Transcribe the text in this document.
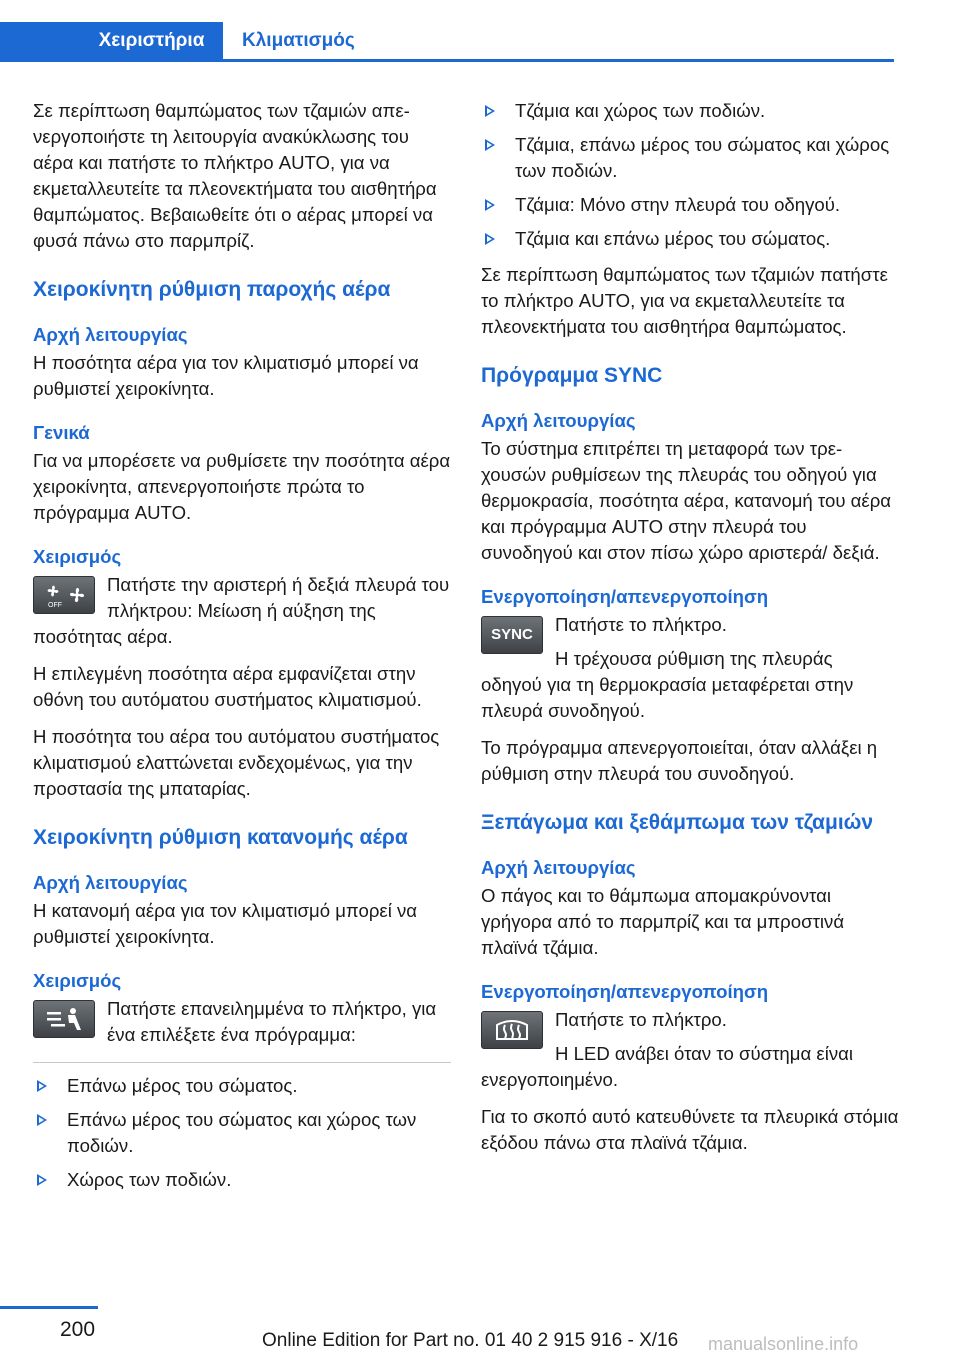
Χειριστήρια Κλιματισμός

Σε περίπτωση θαμπώματος των τζαμιών απενεργοποιήστε τη λειτουργία ανακύκλωσης του αέρα και πατήστε το πλήκτρο AUTO, για να εκμεταλλευτείτε τα πλεονεκτήματα του αισθητήρα θαμπώματος. Βεβαιωθείτε ότι ο αέρας μπορεί να φυσά πάνω στο παρμπρίζ.

Χειροκίνητη ρύθμιση παροχής αέρα
Αρχή λειτουργίας

Η ποσότητα αέρα για τον κλιματισμό μπορεί να ρυθμιστεί χειροκίνητα.

Γενικά

Για να μπορέσετε να ρυθμίσετε την ποσότητα αέρα χειροκίνητα, απενεργοποιήστε πρώτα το πρόγραμμα AUTO.

Χειρισμός
OFF
Πατήστε την αριστερή ή δεξιά πλευρά του πλήκτρου: Μείωση ή αύξηση της

ποσότητας αέρα.

Η επιλεγμένη ποσότητα αέρα εμφανίζεται στην οθόνη του αυτόματου συστήματος κλιματισμού.

Η ποσότητα του αέρα του αυτόματου συστήματος κλιματισμού ελαττώνεται ενδεχομένως, για την προστασία της μπαταρίας.

Χειροκίνητη ρύθμιση κατανομής αέρα
Αρχή λειτουργίας

Η κατανομή αέρα για τον κλιματισμό μπορεί να ρυθμιστεί χειροκίνητα.

Χειρισμός
Πατήστε επανειλημμένα το πλήκτρο, για ένα επιλέξετε ένα πρόγραμμα:
Επάνω μέρος του σώματος.
Επάνω μέρος του σώματος και χώρος των ποδιών.
Χώρος των ποδιών.
Τζάμια και χώρος των ποδιών.
Τζάμια, επάνω μέρος του σώματος και χώρος των ποδιών.
Τζάμια: Μόνο στην πλευρά του οδηγού.
Τζάμια και επάνω μέρος του σώματος.

Σε περίπτωση θαμπώματος των τζαμιών πατήστε το πλήκτρο AUTO, για να εκμεταλλευτείτε τα πλεονεκτήματα του αισθητήρα θαμπώματος.

Πρόγραμμα SYNC
Αρχή λειτουργίας

Το σύστημα επιτρέπει τη μεταφορά των τρεχουσών ρυθμίσεων της πλευράς του οδηγού για θερμοκρασία, ποσότητα αέρα, κατανομή του αέρα και πρόγραμμα AUTO στην πλευρά του συνοδηγού και στον πίσω χώρο αριστερά/ δεξιά.

Ενεργοποίηση/απενεργοποίηση
SYNC Πατήστε το πλήκτρο.
Η τρέχουσα ρύθμιση της πλευράς

οδηγού για τη θερμοκρασία μεταφέρεται στην πλευρά συνοδηγού.

Το πρόγραμμα απενεργοποιείται, όταν αλλάξει η ρύθμιση στην πλευρά του συνοδηγού.

Ξεπάγωμα και ξεθάμπωμα των τζαμιών
Αρχή λειτουργίας

Ο πάγος και το θάμπωμα απομακρύνονται γρήγορα από το παρμπρίζ και τα μπροστινά πλαϊνά τζάμια.

Ενεργοποίηση/απενεργοποίηση
Πατήστε το πλήκτρο.
Η LED ανάβει όταν το σύστημα είναι

ενεργοποιημένο.

Για το σκοπό αυτό κατευθύνετε τα πλευρικά στόμια εξόδου πάνω στα πλαϊνά τζάμια.

200	Online Edition for Part no. 01 40 2 915 916 - X/16 manualsonline.info
